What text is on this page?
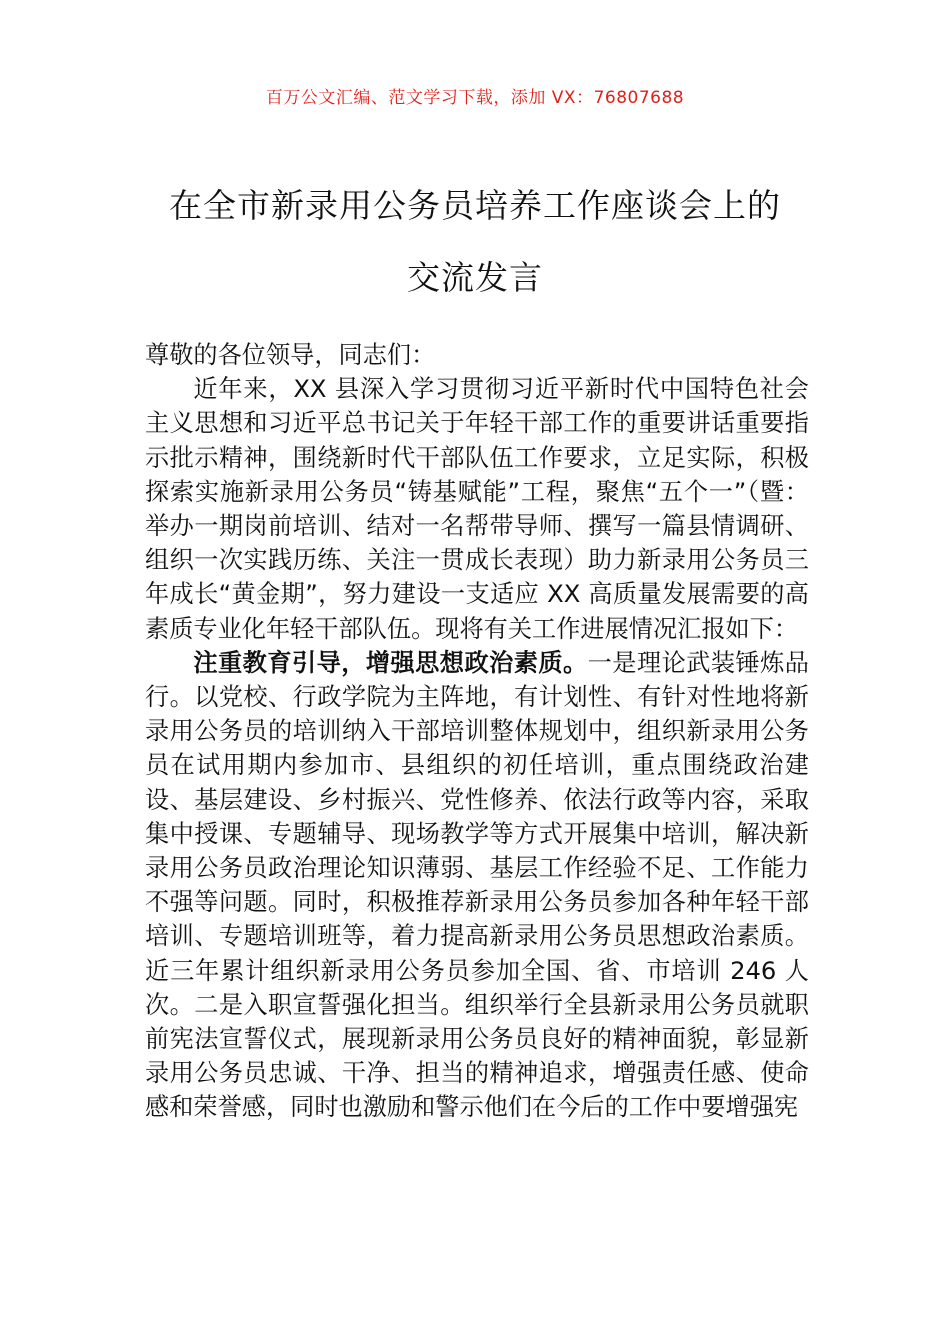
百万公文汇编、范文学习下载，添加 VX：76807688
在全市新录用公务员培养工作座谈会上的
交流发言

尊敬的各位领导，同志们：

近年来，XX 县深入学习贯彻习近平新时代中国特色社会主义思想和习近平总书记关于年轻干部工作的重要讲话重要指示批示精神，围绕新时代干部队伍工作要求，立足实际，积极探索实施新录用公务员“铸基赋能”工程，聚焦“五个一”（暨：举办一期岗前培训、结对一名帮带导师、撰写一篇县情调研、组织一次实践历练、关注一贯成长表现）助力新录用公务员三年成长“黄金期”，努力建设一支适应 XX 高质量发展需要的高素质专业化年轻干部队伍。现将有关工作进展情况汇报如下：

注重教育引导，增强思想政治素质。一是理论武装锤炼品行。以党校、行政学院为主阵地，有计划性、有针对性地将新录用公务员的培训纳入干部培训整体规划中，组织新录用公务员在试用期内参加市、县组织的初任培训，重点围绕政治建设、基层建设、乡村振兴、党性修养、依法行政等内容，采取集中授课、专题辅导、现场教学等方式开展集中培训，解决新录用公务员政治理论知识薄弱、基层工作经验不足、工作能力不强等问题。同时，积极推荐新录用公务员参加各种年轻干部培训、专题培训班等，着力提高新录用公务员思想政治素质。近三年累计组织新录用公务员参加全国、省、市培训 246 人次。二是入职宣誓强化担当。组织举行全县新录用公务员就职前宪法宣誓仪式，展现新录用公务员良好的精神面貌，彰显新录用公务员忠诚、干净、担当的精神追求，增强责任感、使命感和荣誉感，同时也激励和警示他们在今后的工作中要增强宪
